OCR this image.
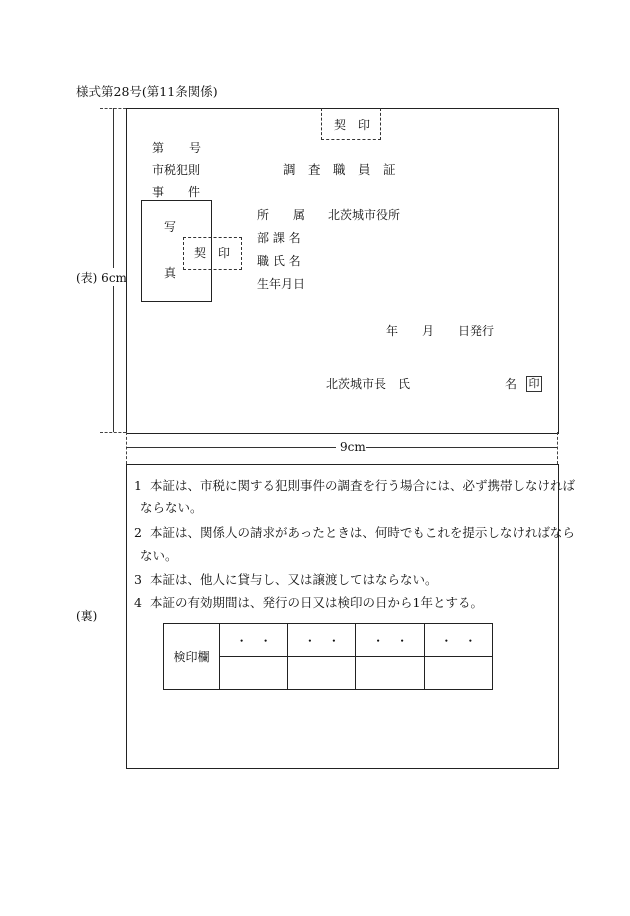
様式第28号(第11条関係)
(表) 6cm
契　印
第 号
市税犯則
事　　件
調　査　職　員　証
写
真
契　印
所　　属 北茨城市役所
部 課 名
職 氏 名
生年月日
年　　月　　日発行
北茨城市長　氏	名 印
9cm
(裏)
1 本証は、市税に関する犯則事件の調査を行う場合には、必ず携帯しなければ
ならない。
2 本証は、関係人の請求があったときは、何時でもこれを提示しなければなら
ない。
3 本証は、他人に貸与し、又は譲渡してはならない。
4 本証の有効期間は、発行の日又は検印の日から1年とする。
検印欄	・　・	・　・	・　・	・　・
